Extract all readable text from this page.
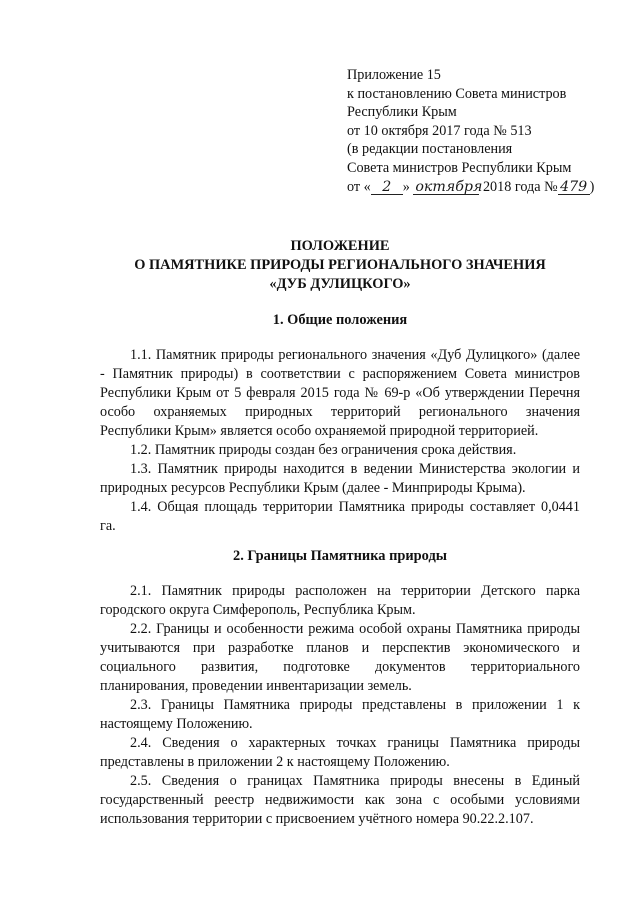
Приложение 15
к постановлению Совета министров
Республики Крым
от 10 октября 2017 года № 513
(в редакции постановления
Совета министров Республики Крым
от « 2 » октября 2018 года № 479 )
ПОЛОЖЕНИЕ
О ПАМЯТНИКЕ ПРИРОДЫ РЕГИОНАЛЬНОГО ЗНАЧЕНИЯ
«ДУБ ДУЛИЦКОГО»
1. Общие положения

1.1. Памятник природы регионального значения «Дуб Дулицкого» (далее - Памятник природы) в соответствии с распоряжением Совета министров Республики Крым от 5 февраля 2015 года № 69-р «Об утверждении Перечня особо охраняемых природных территорий регионального значения Республики Крым» является особо охраняемой природной территорией.

1.2. Памятник природы создан без ограничения срока действия.

1.3. Памятник природы находится в ведении Министерства экологии и природных ресурсов Республики Крым (далее - Минприроды Крыма).

1.4. Общая площадь территории Памятника природы составляет 0,0441 га.

2. Границы Памятника природы

2.1. Памятник природы расположен на территории Детского парка городского округа Симферополь, Республика Крым.

2.2. Границы и особенности режима особой охраны Памятника природы учитываются при разработке планов и перспектив экономического и социального развития, подготовке документов территориального планирования, проведении инвентаризации земель.

2.3. Границы Памятника природы представлены в приложении 1 к настоящему Положению.

2.4. Сведения о характерных точках границы Памятника природы представлены в приложении 2 к настоящему Положению.

2.5. Сведения о границах Памятника природы внесены в Единый государственный реестр недвижимости как зона с особыми условиями использования территории с присвоением учётного номера 90.22.2.107.
